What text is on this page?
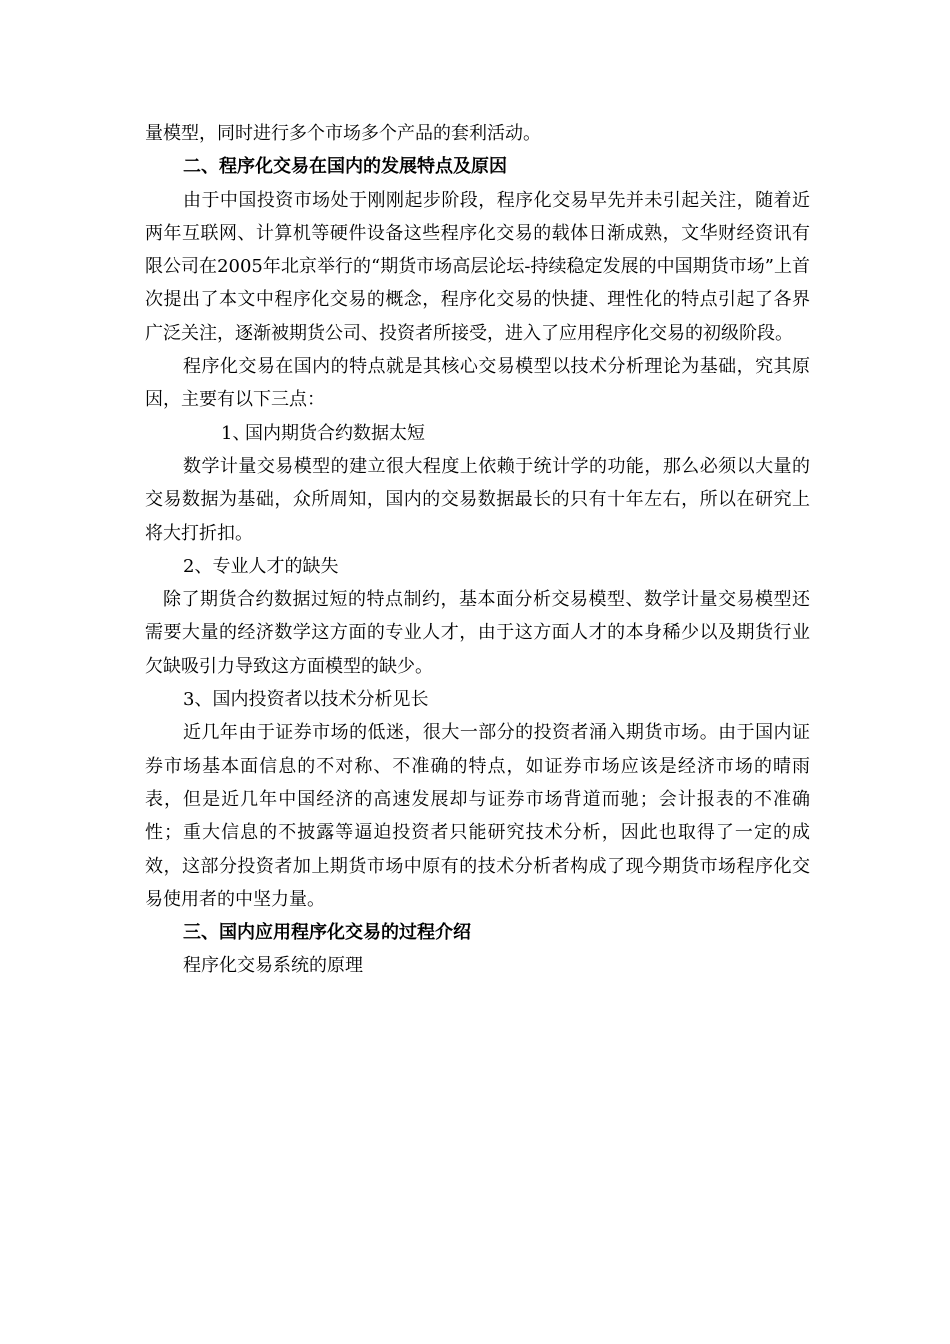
量模型，同时进行多个市场多个产品的套利活动。

二、程序化交易在国内的发展特点及原因

由于中国投资市场处于刚刚起步阶段，程序化交易早先并未引起关注，随着近两年互联网、计算机等硬件设备这些程序化交易的载体日渐成熟，文华财经资讯有限公司在2005年北京举行的“期货市场高层论坛-持续稳定发展的中国期货市场”上首次提出了本文中程序化交易的概念，程序化交易的快捷、理性化的特点引起了各界广泛关注，逐渐被期货公司、投资者所接受，进入了应用程序化交易的初级阶段。

程序化交易在国内的特点就是其核心交易模型以技术分析理论为基础，究其原因，主要有以下三点：

1、国内期货合约数据太短

数学计量交易模型的建立很大程度上依赖于统计学的功能，那么必须以大量的交易数据为基础，众所周知，国内的交易数据最长的只有十年左右，所以在研究上将大打折扣。

2、专业人才的缺失

除了期货合约数据过短的特点制约，基本面分析交易模型、数学计量交易模型还需要大量的经济数学这方面的专业人才，由于这方面人才的本身稀少以及期货行业欠缺吸引力导致这方面模型的缺少。

3、国内投资者以技术分析见长

近几年由于证券市场的低迷，很大一部分的投资者涌入期货市场。由于国内证券市场基本面信息的不对称、不准确的特点，如证券市场应该是经济市场的晴雨表，但是近几年中国经济的高速发展却与证券市场背道而驰；会计报表的不准确性；重大信息的不披露等逼迫投资者只能研究技术分析，因此也取得了一定的成效，这部分投资者加上期货市场中原有的技术分析者构成了现今期货市场程序化交易使用者的中坚力量。

三、国内应用程序化交易的过程介绍

程序化交易系统的原理
